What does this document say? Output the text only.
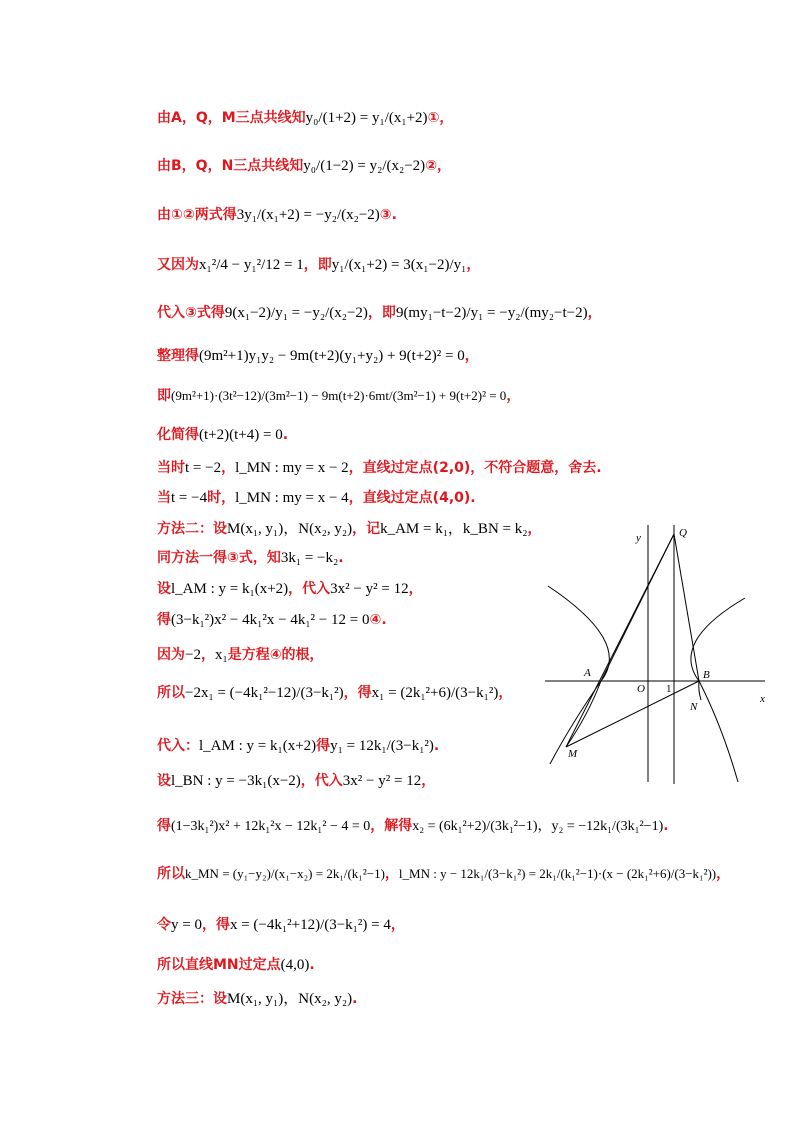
由A，Q，M三点共线知y₀/(1+2) = y₁/(x₁+2)①，
由B，Q，N三点共线知y₀/(1−2) = y₂/(x₂−2)②，
由①②两式得3y₁/(x₁+2) = −y₂/(x₂−2)③.
又因为x₁²/4 − y₁²/12 = 1，即y₁/(x₁+2) = 3(x₁−2)/y₁，
代入③式得9(x₁−2)/y₁ = −y₂/(x₂−2)，即9(my₁−t−2)/y₁ = −y₂/(my₂−t−2)，
整理得(9m²+1)y₁y₂ − 9m(t+2)(y₁+y₂) + 9(t+2)² = 0，
即(9m²+1)·(3t²−12)/(3m²−1) − 9m(t+2)·6mt/(3m²−1) + 9(t+2)² = 0，
化简得(t+2)(t+4) = 0.
当时t = −2，l_MN : my = x − 2，直线过定点(2,0)，不符合题意，舍去.
当t = −4时，l_MN : my = x − 4，直线过定点(4,0).
方法二：设M(x₁, y₁)，N(x₂, y₂)，记k_AM = k₁，k_BN = k₂，
同方法一得③式，知3k₁ = −k₂.
设l_AM : y = k₁(x+2)，代入3x² − y² = 12，
得(3−k₁²)x² − 4k₁²x − 4k₁² − 12 = 0④.
因为−2，x₁是方程④的根，
所以−2x₁ = (−4k₁²−12)/(3−k₁²)，得x₁ = (2k₁²+6)/(3−k₁²)，
代入：l_AM : y = k₁(x+2)得y₁ = 12k₁/(3−k₁²).
设l_BN : y = −3k₁(x−2)，代入3x² − y² = 12，
得(1−3k₁²)x² + 12k₁²x − 12k₁² − 4 = 0，解得x₂ = (6k₁²+2)/(3k₁²−1)，y₂ = −12k₁/(3k₁²−1).
所以k_MN = (y₁−y₂)/(x₁−x₂) = 2k₁/(k₁²−1)，l_MN : y − 12k₁/(3−k₁²) = 2k₁/(k₁²−1)·(x − (2k₁²+6)/(3−k₁²))，
令y = 0，得x = (−4k₁²+12)/(3−k₁²) = 4，
所以直线MN过定点(4,0).
方法三：设M(x₁, y₁)，N(x₂, y₂).
y
x
Q
A
O 1
B
N
M
